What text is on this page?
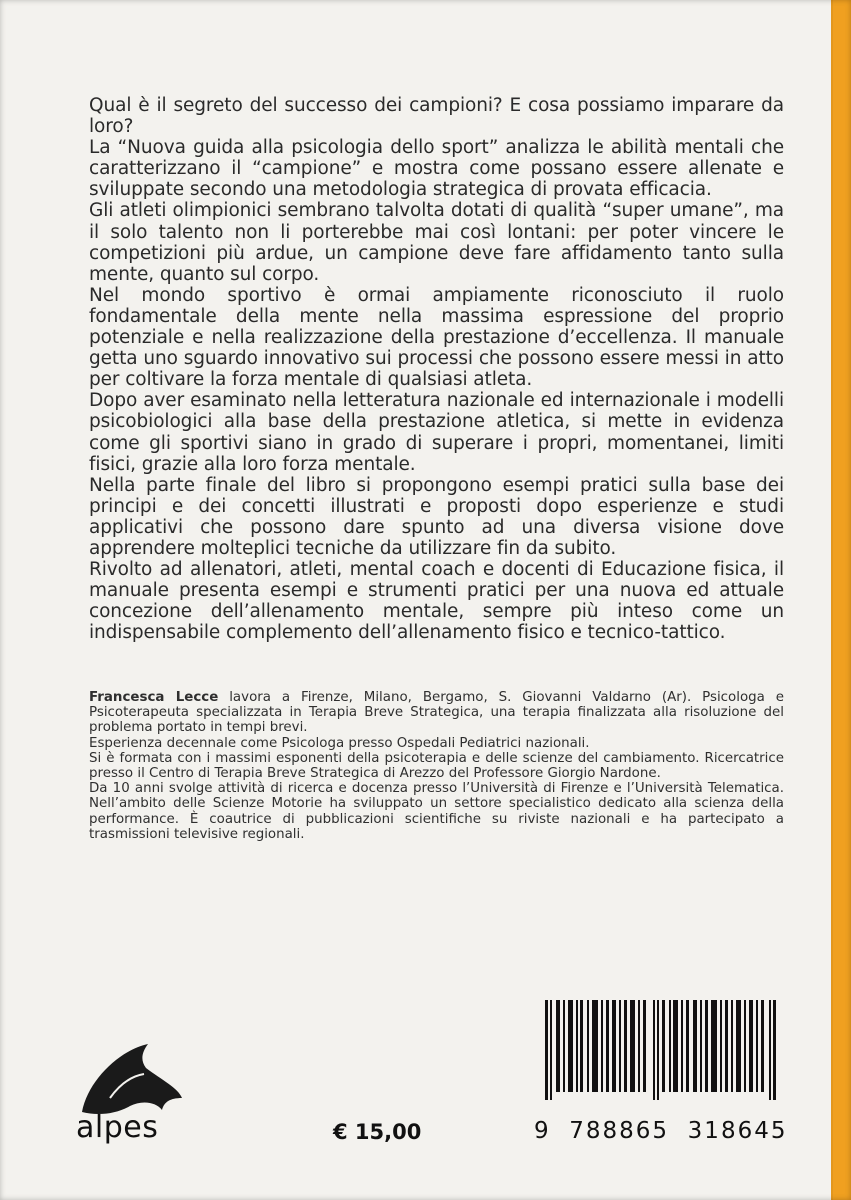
Qual è il segreto del successo dei campioni? E cosa possiamo imparare da loro?

La “Nuova guida alla psicologia dello sport” analizza le abilità mentali che caratterizzano il “campione” e mostra come possano essere allenate e sviluppate secondo una metodologia strategica di provata efficacia.

Gli atleti olimpionici sembrano talvolta dotati di qualità “super umane”, ma il solo talento non li porterebbe mai così lontani: per poter vincere le competizioni più ardue, un campione deve fare affidamento tanto sulla mente, quanto sul corpo.

Nel mondo sportivo è ormai ampiamente riconosciuto il ruolo fondamentale della mente nella massima espressione del proprio potenziale e nella realizzazione della prestazione d’eccellenza. Il manuale getta uno sguardo innovativo sui processi che possono essere messi in atto per coltivare la forza mentale di qualsiasi atleta.

Dopo aver esaminato nella letteratura nazionale ed internazionale i modelli psicobiologici alla base della prestazione atletica, si mette in evidenza come gli sportivi siano in grado di superare i propri, momentanei, limiti fisici, grazie alla loro forza mentale.

Nella parte finale del libro si propongono esempi pratici sulla base dei principi e dei concetti illustrati e proposti dopo esperienze e studi applicativi che possono dare spunto ad una diversa visione dove apprendere molteplici tecniche da utilizzare fin da subito.

Rivolto ad allenatori, atleti, mental coach e docenti di Educazione fisica, il manuale presenta esempi e strumenti pratici per una nuova ed attuale concezione dell’allenamento mentale, sempre più inteso come un indispensabile complemento dell’allenamento fisico e tecnico-tattico.

Francesca Lecce lavora a Firenze, Milano, Bergamo, S. Giovanni Valdarno (Ar). Psicologa e Psicoterapeuta specializzata in Terapia Breve Strategica, una terapia finalizzata alla risoluzione del problema portato in tempi brevi.

Esperienza decennale come Psicologa presso Ospedali Pediatrici nazionali.

Si è formata con i massimi esponenti della psicoterapia e delle scienze del cambiamento. Ricercatrice presso il Centro di Terapia Breve Strategica di Arezzo del Professore Giorgio Nardone.

Da 10 anni svolge attività di ricerca e docenza presso l’Università di Firenze e l’Università Telematica. Nell’ambito delle Scienze Motorie ha sviluppato un settore specialistico dedicato alla scienza della performance. È coautrice di pubblicazioni scientifiche su riviste nazionali e ha partecipato a trasmissioni televisive regionali.

alpes	€ 15,00	9  788865  318645
